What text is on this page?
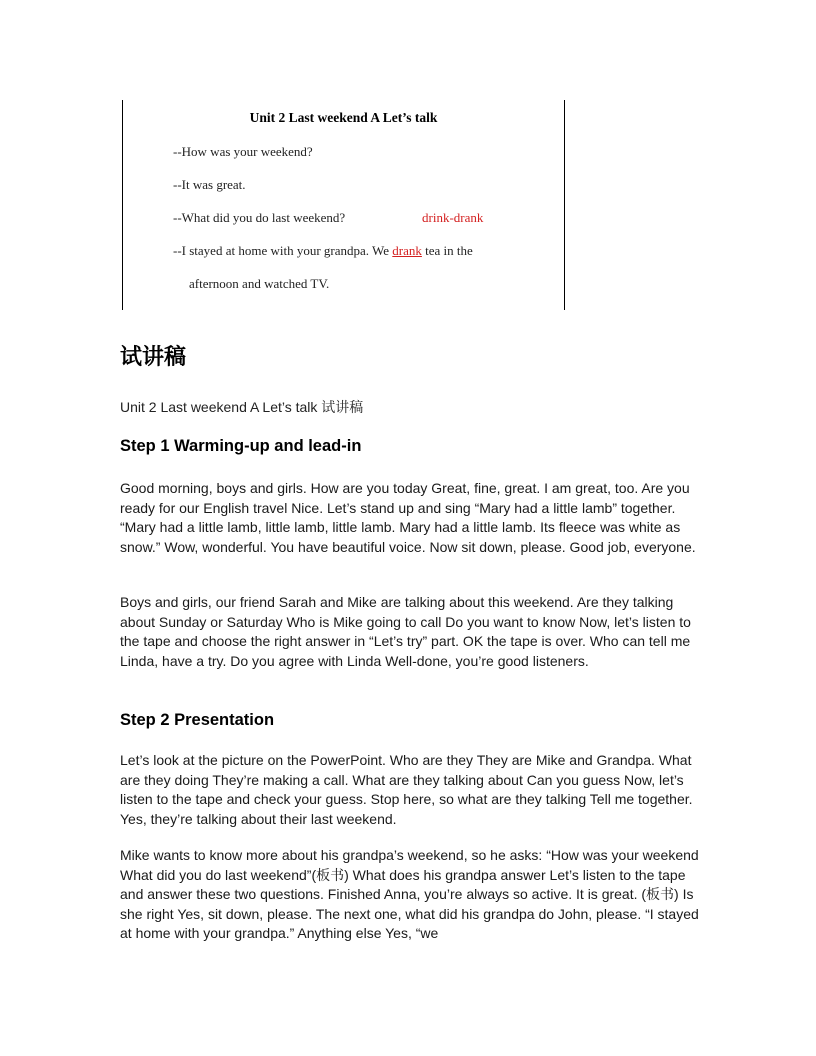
Unit 2 Last weekend A Let’s talk
--How was your weekend?
--It was great.
--What did you do last weekend?	drink-drank
--I stayed at home with your grandpa. We drank tea in the
afternoon and watched TV.
试讲稿
Unit 2 Last weekend A Let’s talk 试讲稿
Step 1 Warming-up and lead-in

Good morning, boys and girls. How are you today Great, fine, great. I am great, too. Are you ready for our English travel Nice. Let’s stand up and sing “Mary had a little lamb” together. “Mary had a little lamb, little lamb, little lamb. Mary had a little lamb. Its fleece was white as snow.” Wow, wonderful. You have beautiful voice. Now sit down, please. Good job, everyone.

Boys and girls, our friend Sarah and Mike are talking about this weekend. Are they talking about Sunday or Saturday Who is Mike going to call Do you want to know Now, let’s listen to the tape and choose the right answer in “Let’s try” part. OK the tape is over. Who can tell me Linda, have a try. Do you agree with Linda Well-done, you’re good listeners.

Step 2 Presentation

Let’s look at the picture on the PowerPoint. Who are they They are Mike and Grandpa. What are they doing They’re making a call. What are they talking about Can you guess Now, let’s listen to the tape and check your guess. Stop here, so what are they talking Tell me together. Yes, they’re talking about their last weekend.

Mike wants to know more about his grandpa’s weekend, so he asks: “How was your weekend What did you do last weekend”(板书) What does his grandpa answer Let’s listen to the tape and answer these two questions. Finished Anna, you’re always so active. It is great. (板书) Is she right Yes, sit down, please. The next one, what did his grandpa do John, please. “I stayed at home with your grandpa.” Anything else Yes, “we
